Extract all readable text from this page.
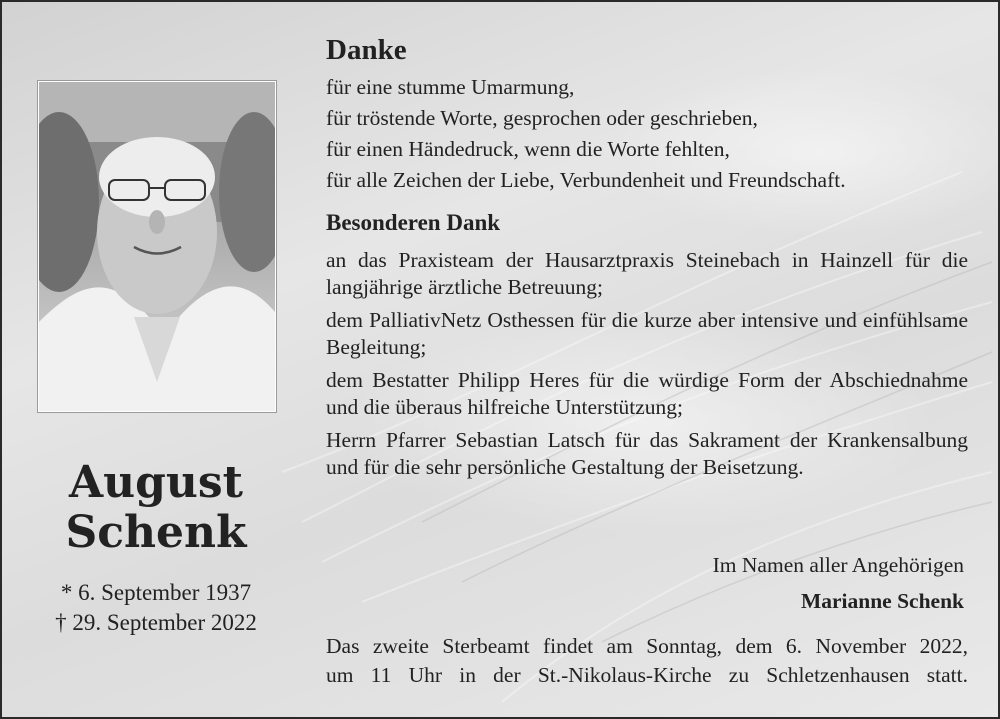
August
Schenk
* 6. September 1937
† 29. September 2022
Danke
für eine stumme Umarmung,
für tröstende Worte, gesprochen oder geschrieben,
für einen Händedruck, wenn die Worte fehlten,
für alle Zeichen der Liebe, Verbundenheit und Freundschaft.
Besonderen Dank
an das Praxisteam der Hausarztpraxis Steinebach in Hainzell für die langjährige ärztliche Betreuung;
dem PalliativNetz Osthessen für die kurze aber intensive und einfühlsame Begleitung;
dem Bestatter Philipp Heres für die würdige Form der Abschiednahme und die überaus hilfreiche Unterstützung;
Herrn Pfarrer Sebastian Latsch für das Sakrament der Krankensalbung und für die sehr persönliche Gestaltung der Beisetzung.
Im Namen aller Angehörigen
Marianne Schenk
Das zweite Sterbeamt findet am Sonntag, dem 6. November 2022,
um 11 Uhr in der St.-Nikolaus-Kirche zu Schletzenhausen statt.
